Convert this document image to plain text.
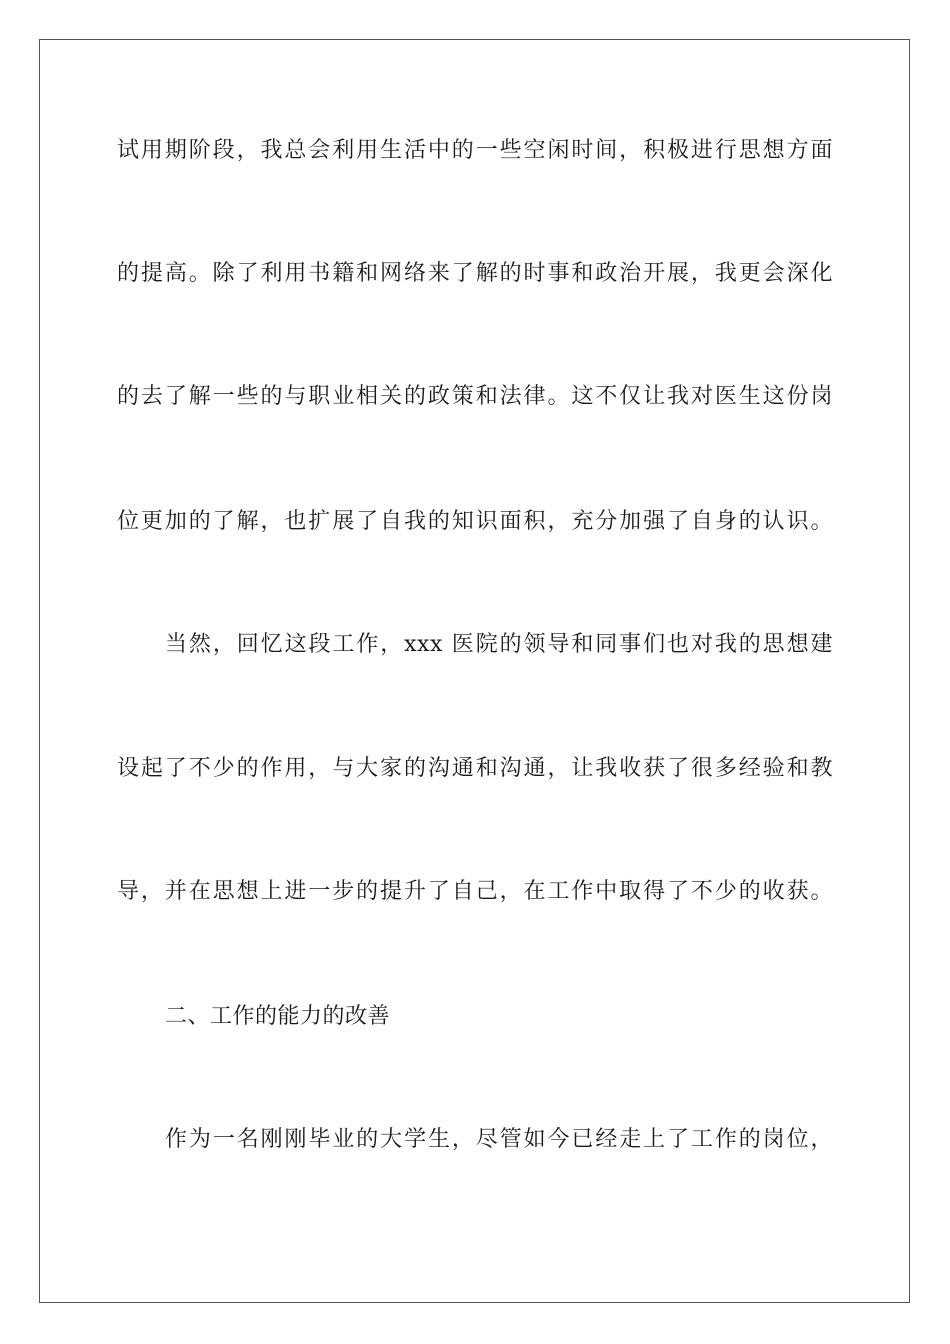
试用期阶段，我总会利用生活中的一些空闲时间，积极进行思想方面
的提高。除了利用书籍和网络来了解的时事和政治开展，我更会深化
的去了解一些的与职业相关的政策和法律。这不仅让我对医生这份岗
位更加的了解，也扩展了自我的知识面积，充分加强了自身的认识。
当然，回忆这段工作，xxx 医院的领导和同事们也对我的思想建
设起了不少的作用，与大家的沟通和沟通，让我收获了很多经验和教
导，并在思想上进一步的提升了自己，在工作中取得了不少的收获。
二、工作的能力的改善
作为一名刚刚毕业的大学生，尽管如今已经走上了工作的岗位，
